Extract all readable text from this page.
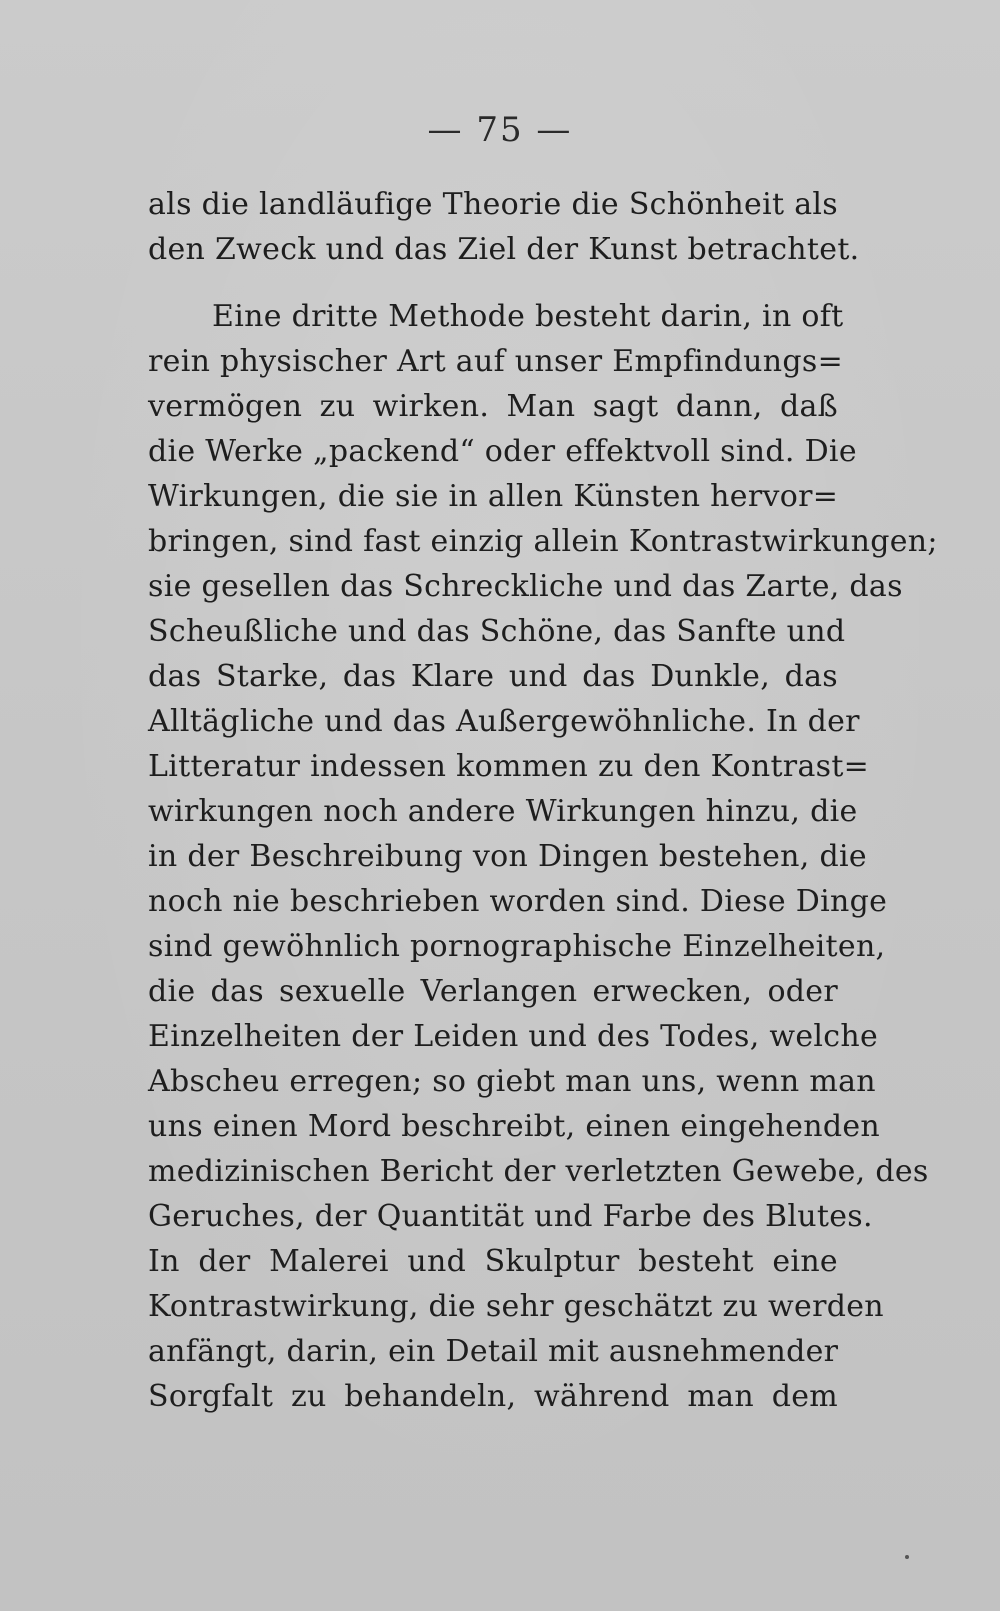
— 75 —
als die landläufige Theorie die Schönheit als
den Zweck und das Ziel der Kunst betrachtet.
Eine dritte Methode besteht darin, in oft
rein physischer Art auf unser Empfindungs=
vermögen zu wirken. Man sagt dann, daß
die Werke „packend“ oder effektvoll sind. Die
Wirkungen, die sie in allen Künsten hervor=
bringen, sind fast einzig allein Kontrastwirkungen;
sie gesellen das Schreckliche und das Zarte, das
Scheußliche und das Schöne, das Sanfte und
das Starke, das Klare und das Dunkle, das
Alltägliche und das Außergewöhnliche. In der
Litteratur indessen kommen zu den Kontrast=
wirkungen noch andere Wirkungen hinzu, die
in der Beschreibung von Dingen bestehen, die
noch nie beschrieben worden sind. Diese Dinge
sind gewöhnlich pornographische Einzelheiten,
die das sexuelle Verlangen erwecken, oder
Einzelheiten der Leiden und des Todes, welche
Abscheu erregen; so giebt man uns, wenn man
uns einen Mord beschreibt, einen eingehenden
medizinischen Bericht der verletzten Gewebe, des
Geruches, der Quantität und Farbe des Blutes.
In der Malerei und Skulptur besteht eine
Kontrastwirkung, die sehr geschätzt zu werden
anfängt, darin, ein Detail mit ausnehmender
Sorgfalt zu behandeln, während man dem
